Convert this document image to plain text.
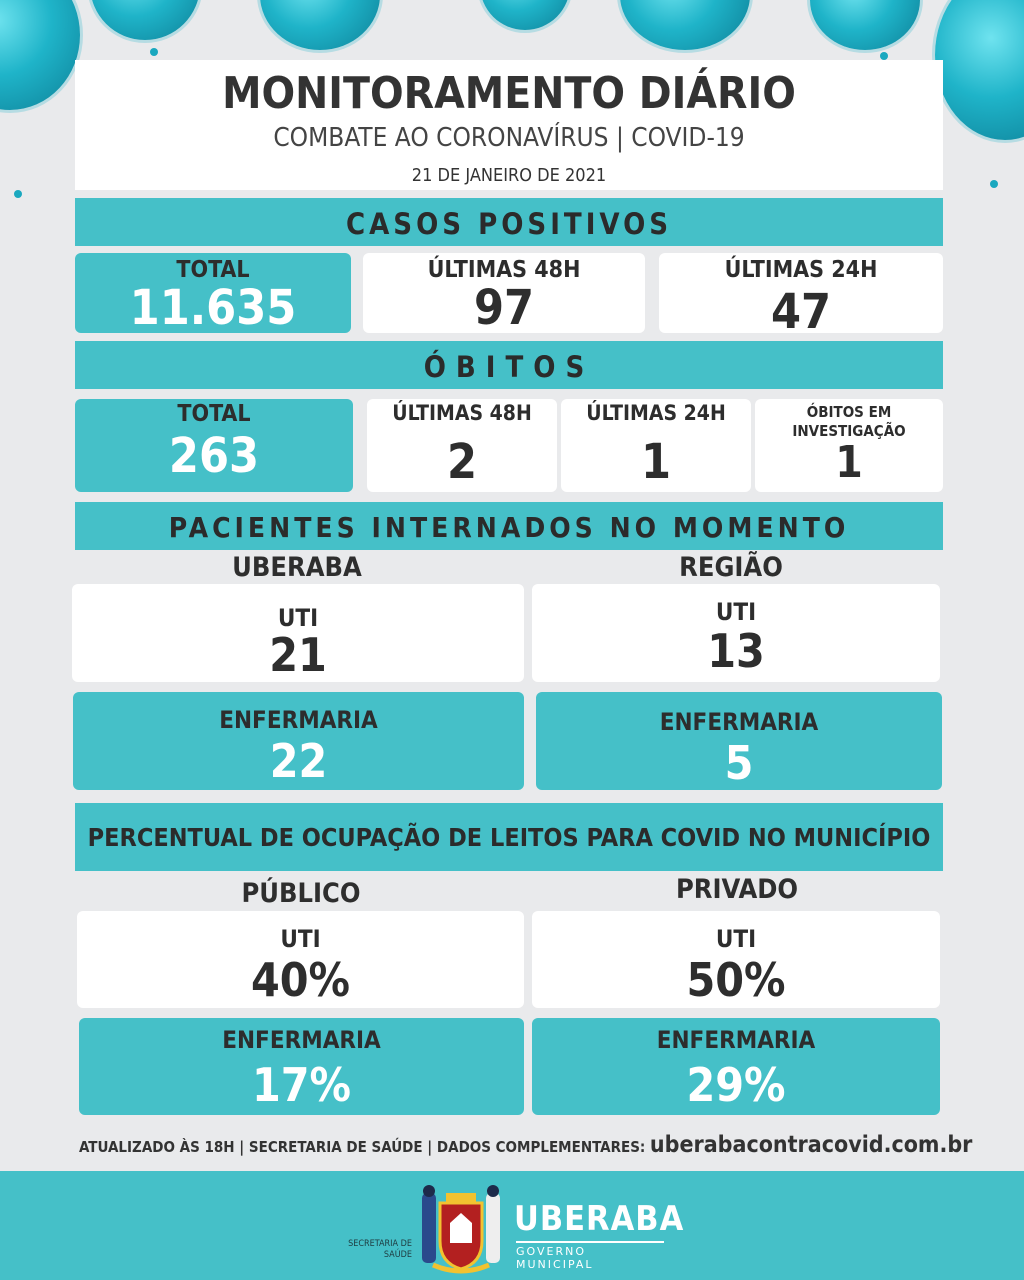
MONITORAMENTO DIÁRIO
COMBATE AO CORONAVÍRUS | COVID-19
21 DE JANEIRO DE 2021
CASOS POSITIVOS
TOTAL
11.635
ÚLTIMAS 48H
97
ÚLTIMAS 24H
47
ÓBITOS
TOTAL
263
ÚLTIMAS 48H
2
ÚLTIMAS 24H
1
ÓBITOS EM
INVESTIGAÇÃO
1
PACIENTES INTERNADOS NO MOMENTO
UBERABA	REGIÃO
UTI
21
UTI
13
ENFERMARIA
22
ENFERMARIA
5
PERCENTUAL DE OCUPAÇÃO DE LEITOS PARA COVID NO MUNICÍPIO
PÚBLICO	PRIVADO
UTI
40%
UTI
50%
ENFERMARIA
17%
ENFERMARIA
29%
ATUALIZADO ÀS 18H | SECRETARIA DE SAÚDE | DADOS COMPLEMENTARES: uberabacontracovid.com.br
SECRETARIA DE
SAÚDE
UBERABA
GOVERNO MUNICIPAL
